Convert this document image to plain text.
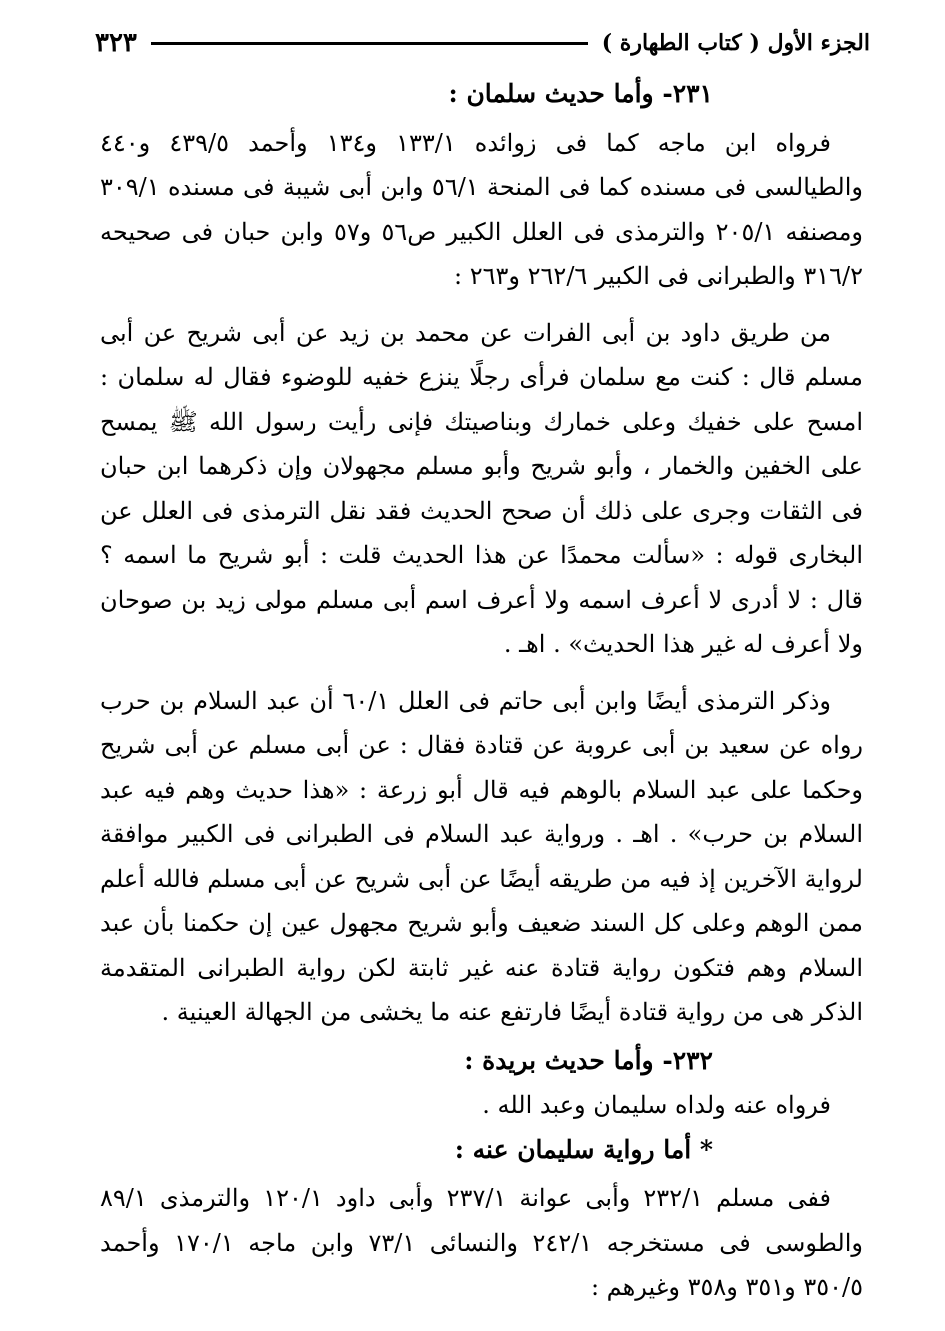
الجزء الأول ( كتاب الطهارة )
٣٢٣

٢٣١- وأما حديث سلمان :

فرواه ابن ماجه كما فى زوائده ١٣٣/١ و١٣٤ وأحمد ٤٣٩/٥ و٤٤٠ والطيالسى فى مسنده كما فى المنحة ٥٦/١ وابن أبى شيبة فى مسنده ٣٠٩/١ ومصنفه ٢٠٥/١ والترمذى فى العلل الكبير ص٥٦ و٥٧ وابن حبان فى صحيحه ٣١٦/٢ والطبرانى فى الكبير ٢٦٢/٦ و٢٦٣ :

من طريق داود بن أبى الفرات عن محمد بن زيد عن أبى شريح عن أبى مسلم قال : كنت مع سلمان فرأى رجلًا ينزع خفيه للوضوء فقال له سلمان : امسح على خفيك وعلى خمارك وبناصيتك فإنى رأيت رسول الله ﷺ يمسح على الخفين والخمار ، وأبو شريح وأبو مسلم مجهولان وإن ذكرهما ابن حبان فى الثقات وجرى على ذلك أن صحح الحديث فقد نقل الترمذى فى العلل عن البخارى قوله : «سألت محمدًا عن هذا الحديث قلت : أبو شريح ما اسمه ؟ قال : لا أدرى لا أعرف اسمه ولا أعرف اسم أبى مسلم مولى زيد بن صوحان ولا أعرف له غير هذا الحديث» . اهـ .

وذكر الترمذى أيضًا وابن أبى حاتم فى العلل ٦٠/١ أن عبد السلام بن حرب رواه عن سعيد بن أبى عروبة عن قتادة فقال : عن أبى مسلم عن أبى شريح وحكما على عبد السلام بالوهم فيه قال أبو زرعة : «هذا حديث وهم فيه عبد السلام بن حرب» . اهـ . ورواية عبد السلام فى الطبرانى فى الكبير موافقة لرواية الآخرين إذ فيه من طريقه أيضًا عن أبى شريح عن أبى مسلم فالله أعلم ممن الوهم وعلى كل السند ضعيف وأبو شريح مجهول عين إن حكمنا بأن عبد السلام وهم فتكون رواية قتادة عنه غير ثابتة لكن رواية الطبرانى المتقدمة الذكر هى من رواية قتادة أيضًا فارتفع عنه ما يخشى من الجهالة العينية .

٢٣٢- وأما حديث بريدة :

فرواه عنه ولداه سليمان وعبد الله .

* أما رواية سليمان عنه :

ففى مسلم ٢٣٢/١ وأبى عوانة ٢٣٧/١ وأبى داود ١٢٠/١ والترمذى ٨٩/١ والطوسى فى مستخرجه ٢٤٢/١ والنسائى ٧٣/١ وابن ماجه ١٧٠/١ وأحمد ٣٥٠/٥ و٣٥١ و٣٥٨ وغيرهم :
